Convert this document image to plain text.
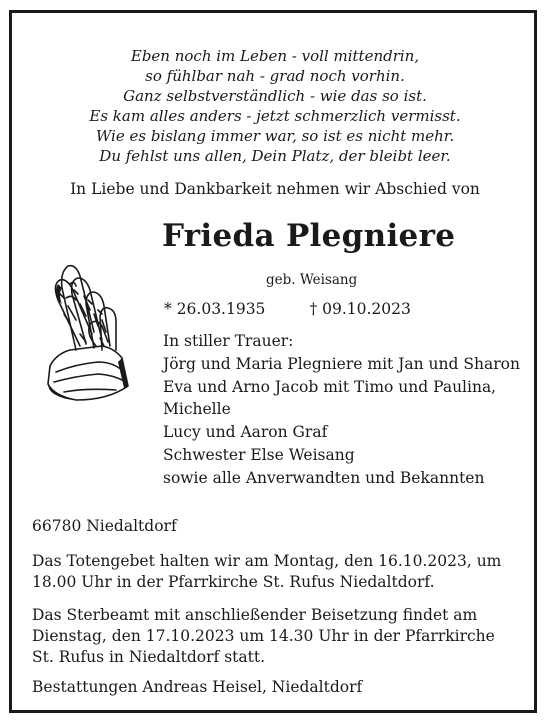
Eben noch im Leben - voll mittendrin,
so fühlbar nah - grad noch vorhin.
Ganz selbstverständlich - wie das so ist.
Es kam alles anders - jetzt schmerzlich vermisst.
Wie es bislang immer war, so ist es nicht mehr.
Du fehlst uns allen, Dein Platz, der bleibt leer.
In Liebe und Dankbarkeit nehmen wir Abschied von
Frieda Plegniere
geb. Weisang
* 26.03.1935	† 09.10.2023
In stiller Trauer:
Jörg und Maria Plegniere mit Jan und Sharon
Eva und Arno Jacob mit Timo und Paulina,
Michelle
Lucy und Aaron Graf
Schwester Else Weisang
sowie alle Anverwandten und Bekannten
66780 Niedaltdorf
Das Totengebet halten wir am Montag, den 16.10.2023, um
18.00 Uhr in der Pfarrkirche St. Rufus Niedaltdorf.
Das Sterbeamt mit anschließender Beisetzung findet am
Dienstag, den 17.10.2023 um 14.30 Uhr in der Pfarrkirche
St. Rufus in Niedaltdorf statt.
Bestattungen Andreas Heisel, Niedaltdorf
